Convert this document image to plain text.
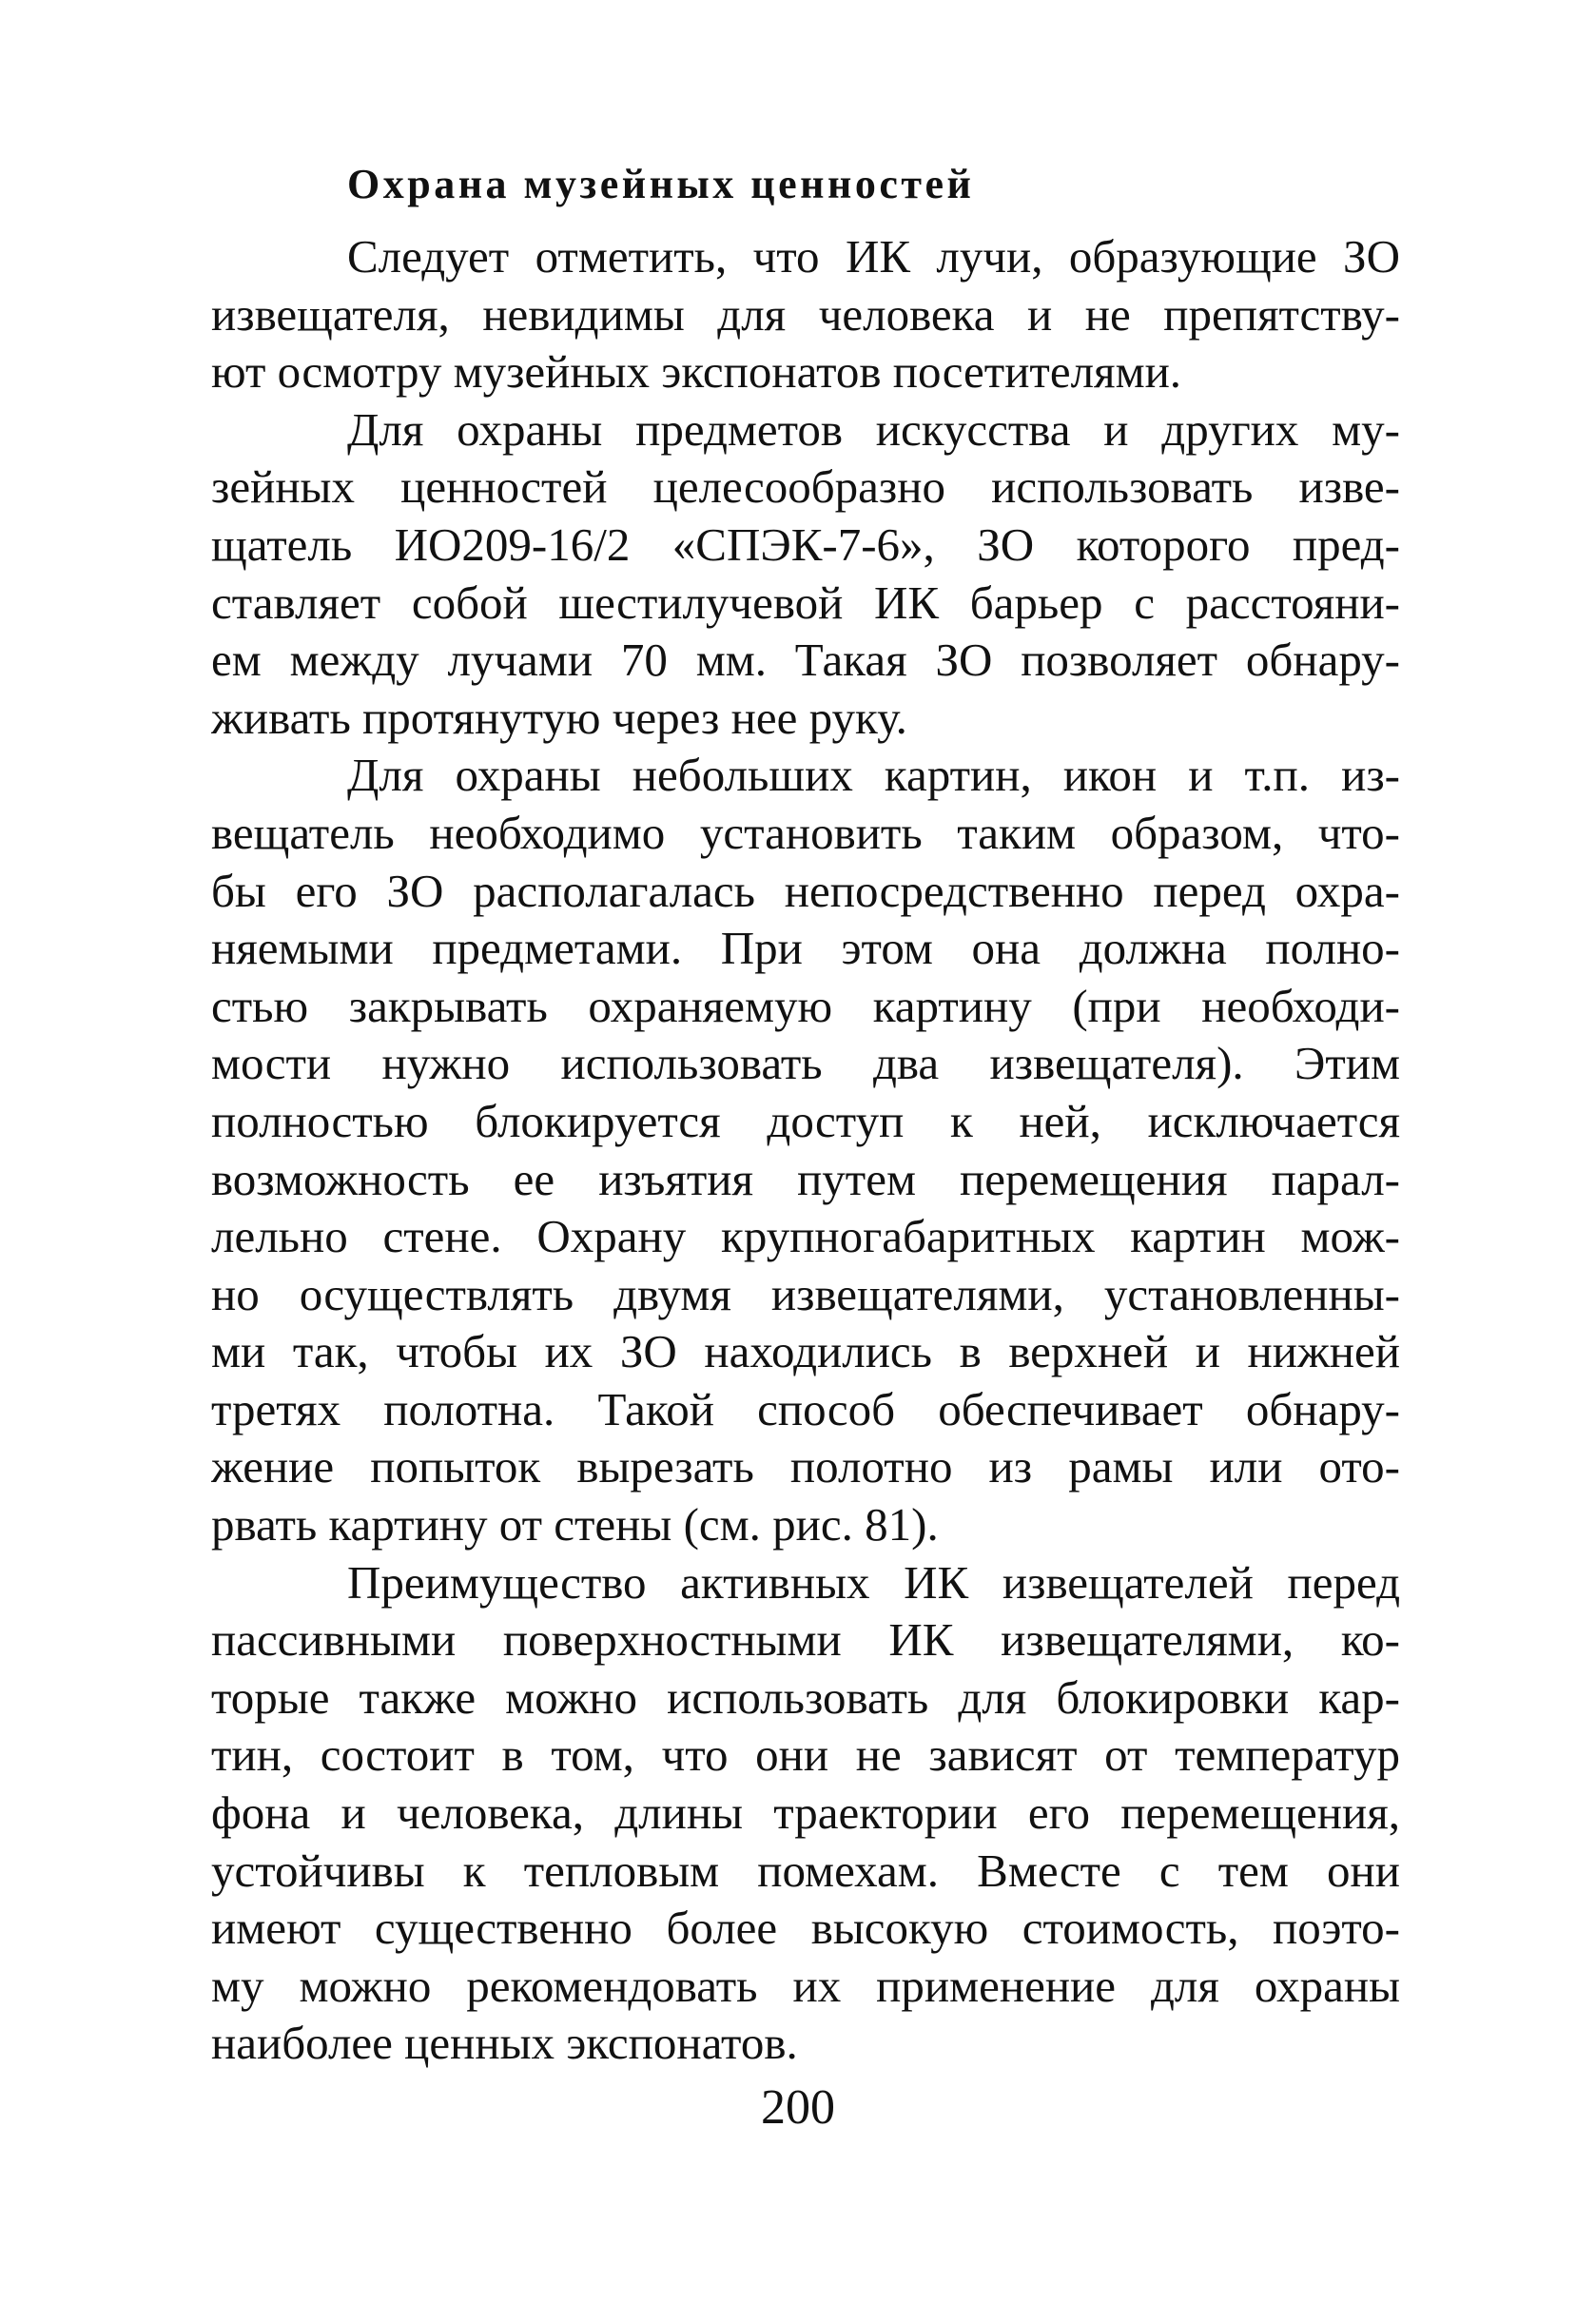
Охрана музейных ценностей
Следует отметить, что ИК лучи, образующие ЗО
извещателя, невидимы для человека и не препятству-
ют осмотру музейных экспонатов посетителями.
Для охраны предметов искусства и других му-
зейных ценностей целесообразно использовать изве-
щатель ИО209-16/2 «СПЭК-7-6», ЗО которого пред-
ставляет собой шестилучевой ИК барьер с расстояни-
ем между лучами 70 мм. Такая ЗО позволяет обнару-
живать протянутую через нее руку.
Для охраны небольших картин, икон и т.п. из-
вещатель необходимо установить таким образом, что-
бы его ЗО располагалась непосредственно перед охра-
няемыми предметами. При этом она должна полно-
стью закрывать охраняемую картину (при необходи-
мости нужно использовать два извещателя). Этим
полностью блокируется доступ к ней, исключается
возможность ее изъятия путем перемещения парал-
лельно стене. Охрану крупногабаритных картин мож-
но осуществлять двумя извещателями, установленны-
ми так, чтобы их ЗО находились в верхней и нижней
третях полотна. Такой способ обеспечивает обнару-
жение попыток вырезать полотно из рамы или ото-
рвать картину от стены (см. рис. 81).
Преимущество активных ИК извещателей перед
пассивными поверхностными ИК извещателями, ко-
торые также можно использовать для блокировки кар-
тин, состоит в том, что они не зависят от температур
фона и человека, длины траектории его перемещения,
устойчивы к тепловым помехам. Вместе с тем они
имеют существенно более высокую стоимость, поэто-
му можно рекомендовать их применение для охраны
наиболее ценных экспонатов.
200
